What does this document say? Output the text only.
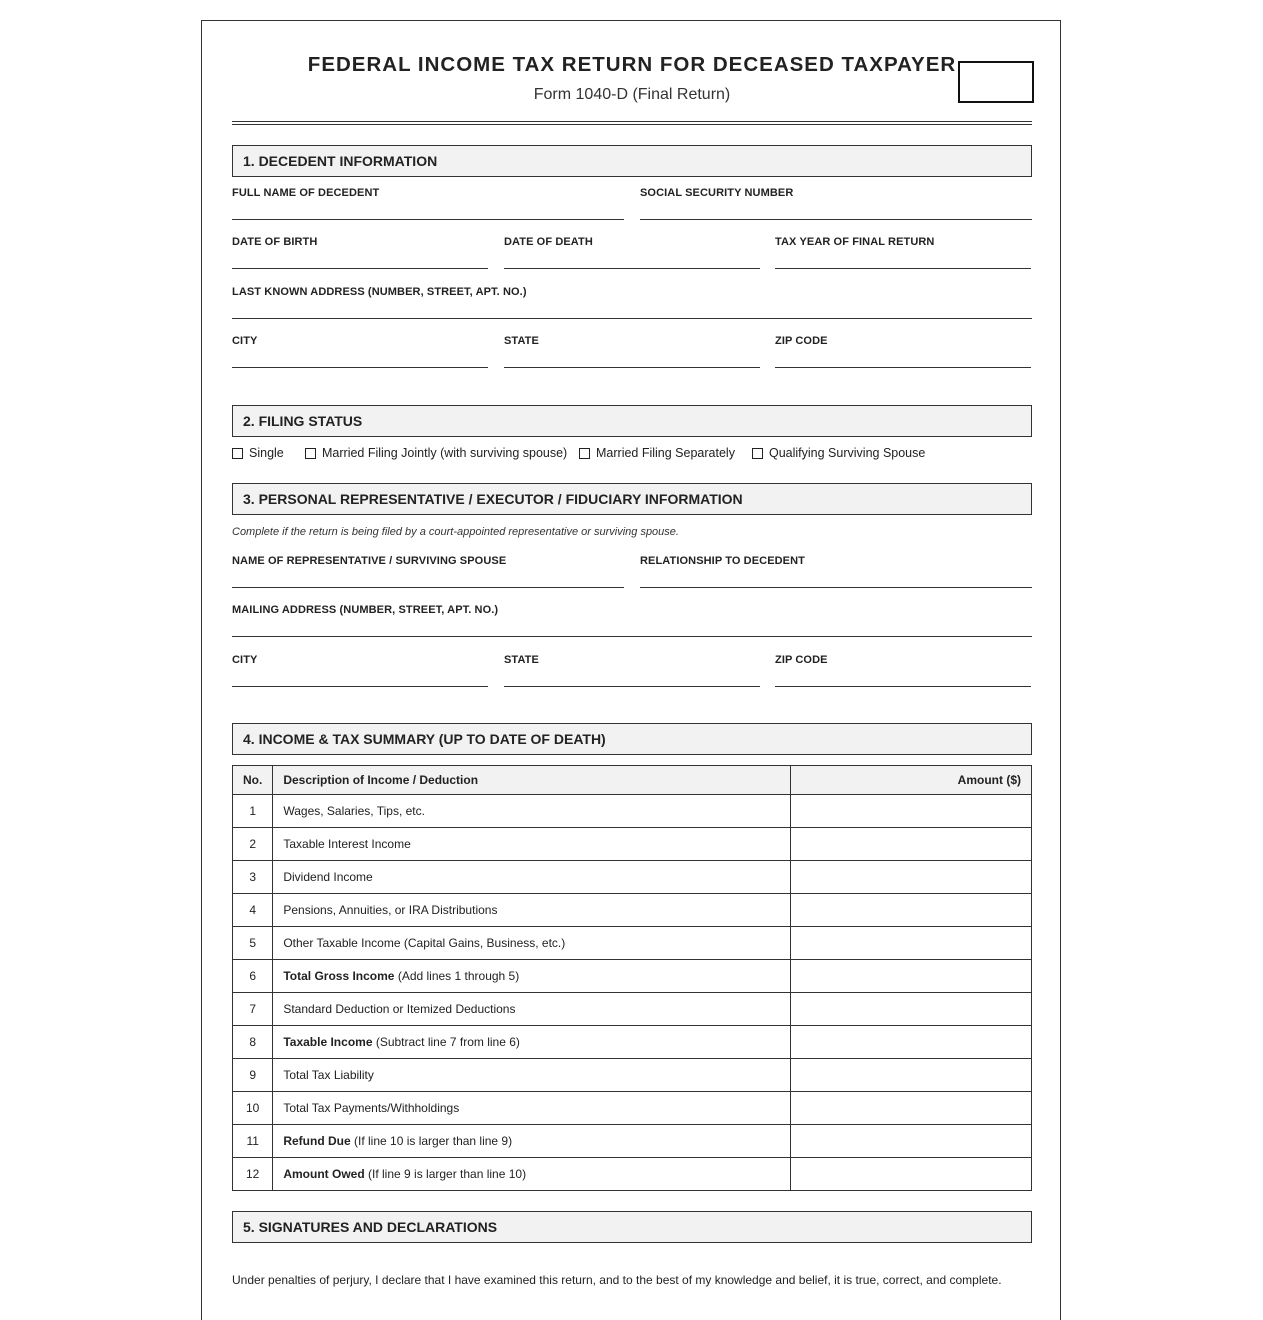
FEDERAL INCOME TAX RETURN FOR DECEASED TAXPAYER
Form 1040-D (Final Return)
1. DECEDENT INFORMATION
FULL NAME OF DECEDENT	SOCIAL SECURITY NUMBER
DATE OF BIRTH	DATE OF DEATH	TAX YEAR OF FINAL RETURN
LAST KNOWN ADDRESS (NUMBER, STREET, APT. NO.)
CITY	STATE	ZIP CODE
2. FILING STATUS
Single	Married Filing Jointly (with surviving spouse) Married Filing Separately	Qualifying Surviving Spouse
3. PERSONAL REPRESENTATIVE / EXECUTOR / FIDUCIARY INFORMATION
Complete if the return is being filed by a court-appointed representative or surviving spouse.
NAME OF REPRESENTATIVE / SURVIVING SPOUSE	RELATIONSHIP TO DECEDENT
MAILING ADDRESS (NUMBER, STREET, APT. NO.)
CITY	STATE	ZIP CODE
4. INCOME & TAX SUMMARY (UP TO DATE OF DEATH)
No.	Description of Income / Deduction	Amount ($)
1	Wages, Salaries, Tips, etc.	
2	Taxable Interest Income	
3	Dividend Income	
4	Pensions, Annuities, or IRA Distributions	
5	Other Taxable Income (Capital Gains, Business, etc.)	
6	Total Gross Income (Add lines 1 through 5)	
7	Standard Deduction or Itemized Deductions	
8	Taxable Income (Subtract line 7 from line 6)	
9	Total Tax Liability	
10	Total Tax Payments/Withholdings	
11	Refund Due (If line 10 is larger than line 9)	
12	Amount Owed (If line 9 is larger than line 10)	
5. SIGNATURES AND DECLARATIONS
Under penalties of perjury, I declare that I have examined this return, and to the best of my knowledge and belief, it is true, correct, and complete.
